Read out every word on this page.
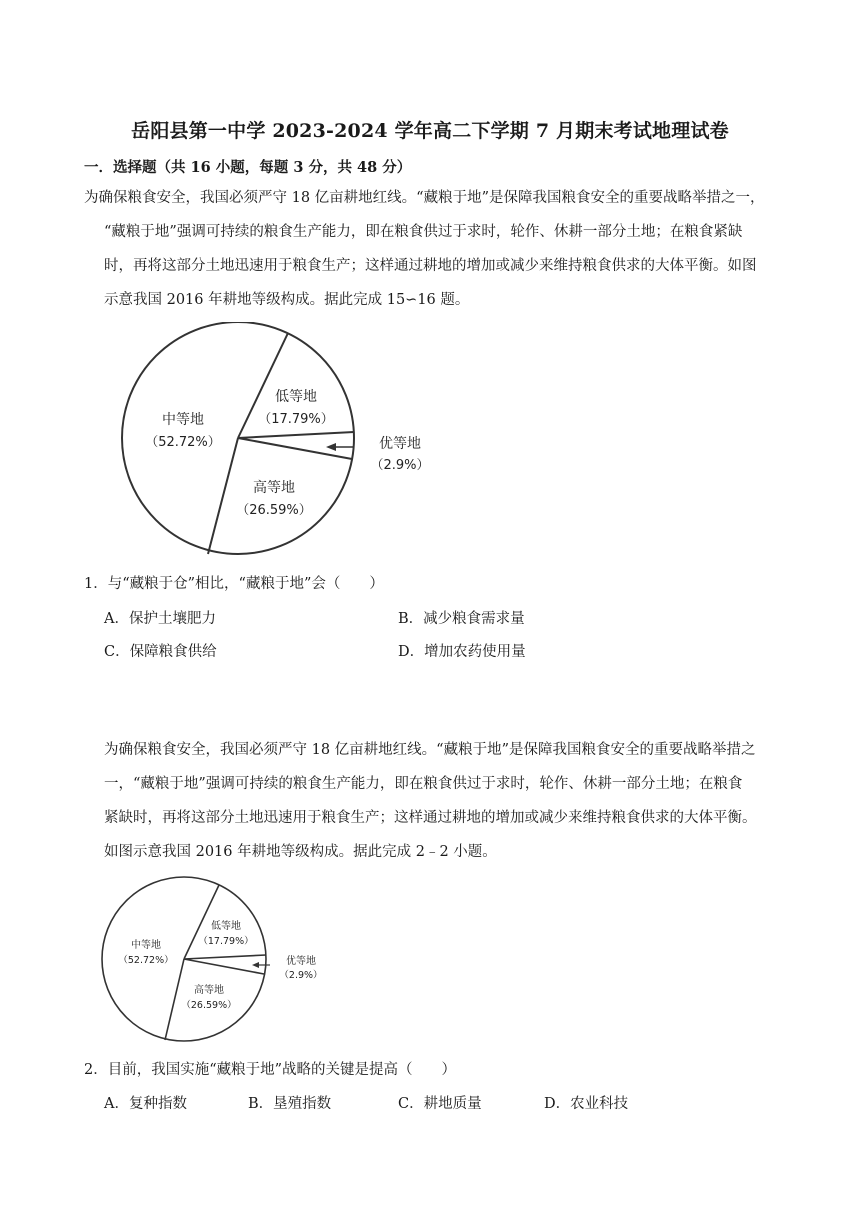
岳阳县第一中学 2023-2024 学年高二下学期 7 月期末考试地理试卷
一．选择题（共 16 小题，每题 3 分，共 48 分）
为确保粮食安全，我国必须严守 18 亿亩耕地红线。“藏粮于地”是保障我国粮食安全的重要战略举措之一，
“藏粮于地”强调可持续的粮食生产能力，即在粮食供过于求时，轮作、休耕一部分土地；在粮食紧缺
时，再将这部分土地迅速用于粮食生产；这样通过耕地的增加或减少来维持粮食供求的大体平衡。如图
示意我国 2016 年耕地等级构成。据此完成 15∽16 题。
中等地
（52.72%）
低等地
（17.79%）
优等地
（2.9%）
高等地
（26.59%）
1．与“藏粮于仓”相比，“藏粮于地”会（　　）
A．保护土壤肥力	B．减少粮食需求量
C．保障粮食供给	D．增加农药使用量
为确保粮食安全，我国必须严守 18 亿亩耕地红线。“藏粮于地”是保障我国粮食安全的重要战略举措之
一，“藏粮于地”强调可持续的粮食生产能力，即在粮食供过于求时，轮作、休耕一部分土地；在粮食
紧缺时，再将这部分土地迅速用于粮食生产；这样通过耕地的增加或减少来维持粮食供求的大体平衡。
如图示意我国 2016 年耕地等级构成。据此完成 2﹣2 小题。
中等地
（52.72%）
低等地
（17.79%）
优等地
（2.9%）
高等地
（26.59%）
2．目前，我国实施“藏粮于地”战略的关键是提高（　　）
A．复种指数	B．垦殖指数	C．耕地质量	D．农业科技
